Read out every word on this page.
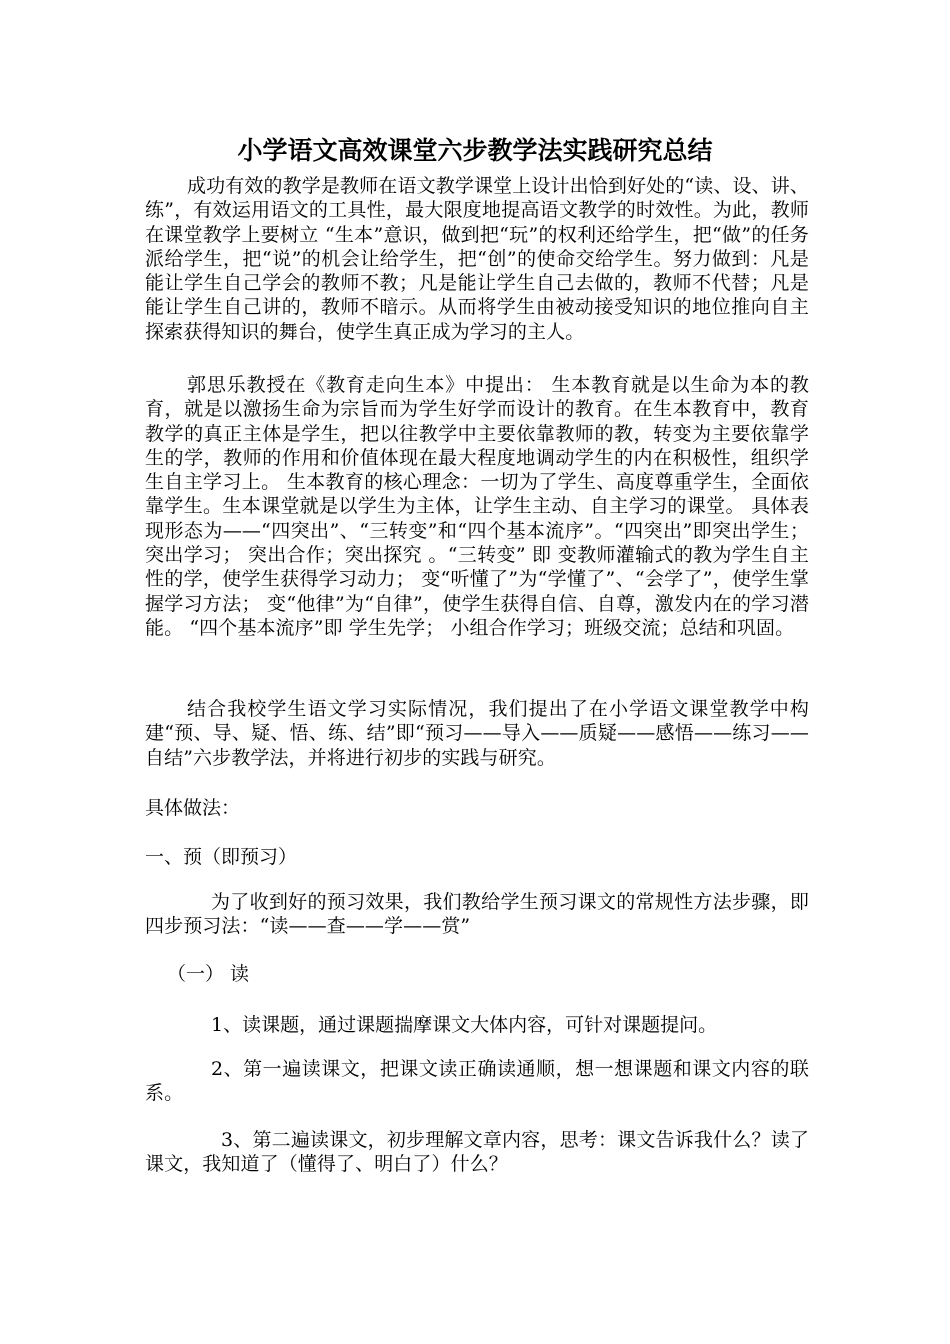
小学语文高效课堂六步教学法实践研究总结

成功有效的教学是教师在语文教学课堂上设计出恰到好处的“读、设、讲、练”，有效运用语文的工具性，最大限度地提高语文教学的时效性。为此，教师在课堂教学上要树立 “生本”意识，做到把“玩”的权利还给学生，把“做”的任务派给学生，把“说”的机会让给学生，把“创”的使命交给学生。努力做到：凡是能让学生自己学会的教师不教；凡是能让学生自己去做的，教师不代替；凡是能让学生自己讲的，教师不暗示。从而将学生由被动接受知识的地位推向自主探索获得知识的舞台，使学生真正成为学习的主人。

郭思乐教授在《教育走向生本》中提出： 生本教育就是以生命为本的教育，就是以激扬生命为宗旨而为学生好学而设计的教育。在生本教育中，教育教学的真正主体是学生，把以往教学中主要依靠教师的教，转变为主要依靠学生的学，教师的作用和价值体现在最大程度地调动学生的内在积极性，组织学生自主学习上。 生本教育的核心理念：一切为了学生、高度尊重学生，全面依靠学生。生本课堂就是以学生为主体，让学生主动、自主学习的课堂。 具体表现形态为——“四突出”、“三转变”和“四个基本流序”。“四突出”即突出学生；突出学习； 突出合作；突出探究 。“三转变” 即 变教师灌输式的教为学生自主性的学，使学生获得学习动力； 变“听懂了”为“学懂了”、“会学了”，使学生掌握学习方法； 变“他律”为“自律”，使学生获得自信、自尊，激发内在的学习潜能。 “四个基本流序”即 学生先学； 小组合作学习；班级交流；总结和巩固。

结合我校学生语文学习实际情况，我们提出了在小学语文课堂教学中构建“预、导、疑、悟、练、结”即“预习——导入——质疑——感悟——练习——自结”六步教学法，并将进行初步的实践与研究。

具体做法：

一、预（即预习）

为了收到好的预习效果，我们教给学生预习课文的常规性方法步骤，即四步预习法：“读——查——学——赏”

（一） 读

1、读课题，通过课题揣摩课文大体内容，可针对课题提问。

2、第一遍读课文，把课文读正确读通顺，想一想课题和课文内容的联系。

3、第二遍读课文，初步理解文章内容，思考：课文告诉我什么？读了课文，我知道了（懂得了、明白了）什么？
